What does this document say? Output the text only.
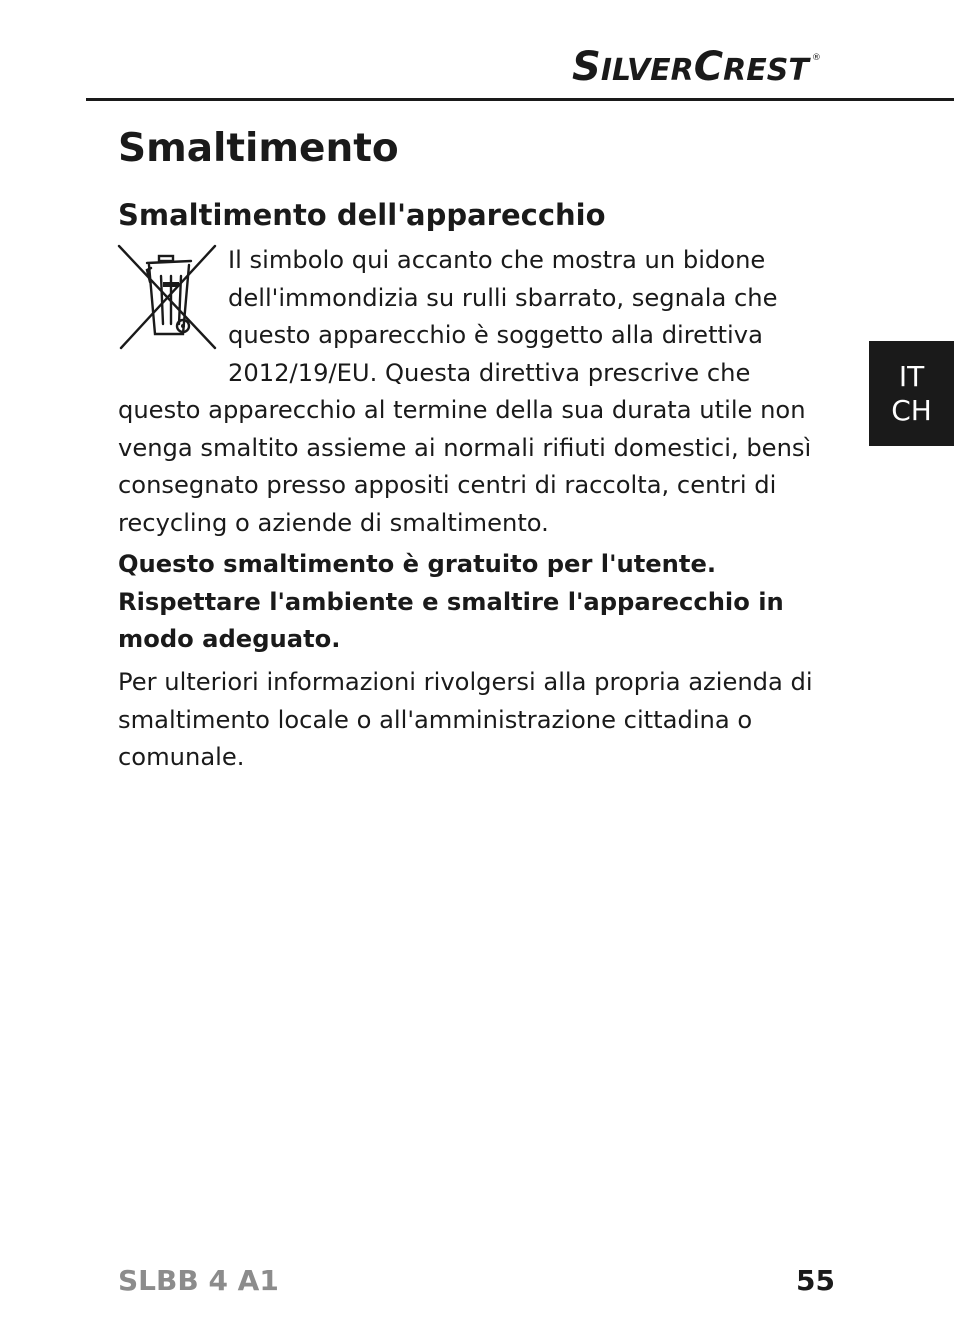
S ILVER C REST ®
Smaltimento
Smaltimento dell'apparecchio

Il simbolo qui accanto che mostra un bidone dell'immondizia su rulli sbarrato, segnala che questo apparecchio è soggetto alla direttiva 2012/19/EU. Questa direttiva prescrive che questo apparecchio al termine della sua durata utile non venga smaltito assieme ai normali rifiuti domestici, bensì consegnato presso appositi centri di raccolta, centri di recycling o aziende di smaltimento.

Questo smaltimento è gratuito per l'utente. Rispettare l'ambiente e smaltire l'apparecchio in modo adeguato.

Per ulteriori informazioni rivolgersi alla propria azienda di smaltimento locale o all'amministrazione cittadina o comunale.

IT
CH
SLBB 4 A1	55
